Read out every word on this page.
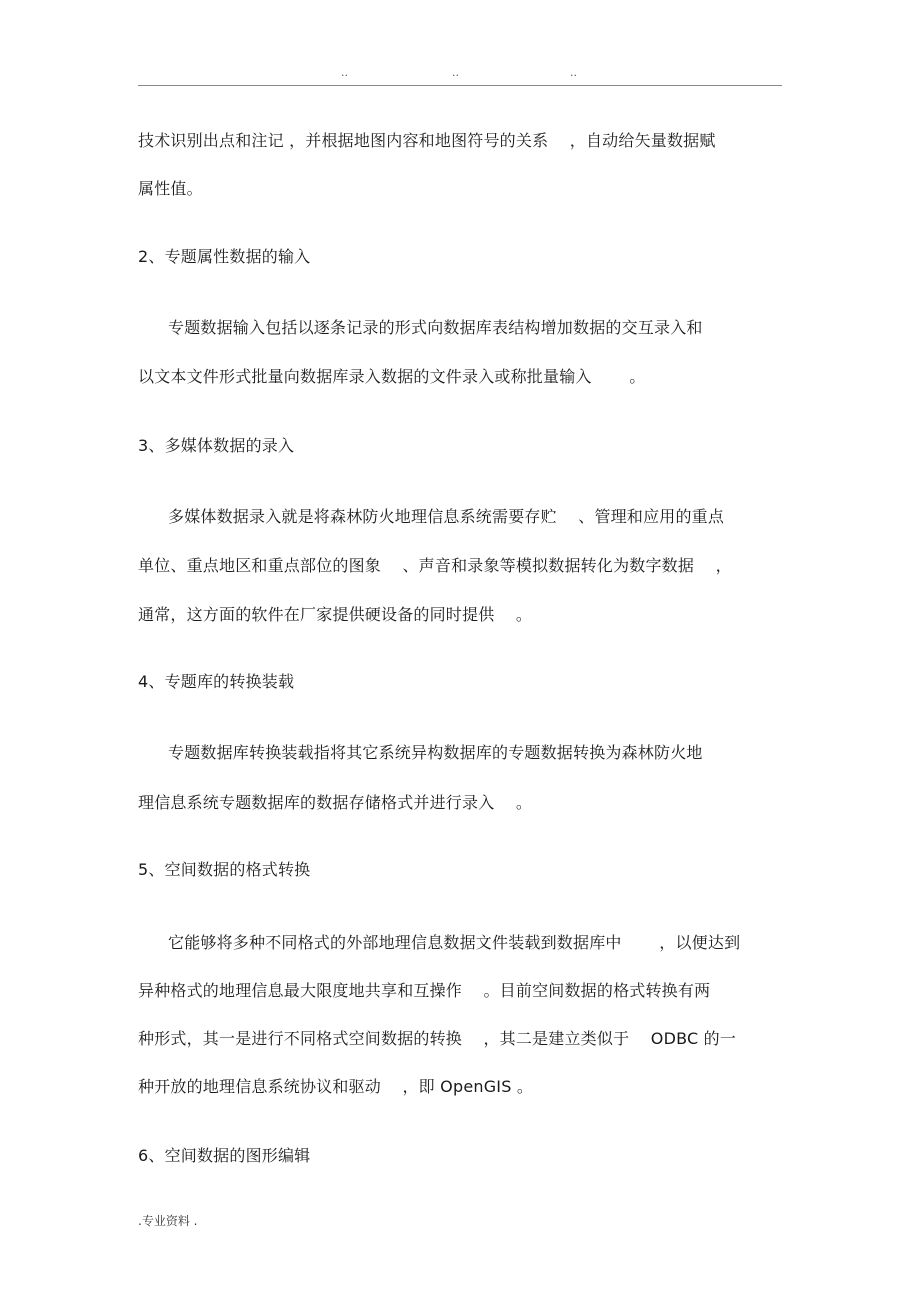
..	..	..
技术识别出点和注记 ，并根据地图内容和地图符号的关系 　，自动给矢量数据赋
属性值。
2、专题属性数据的输入
专题数据输入包括以逐条记录的形式向数据库表结构增加数据的交互录入和
以文本文件形式批量向数据库录入数据的文件录入或称批量输入 　　。
3、多媒体数据的录入
多媒体数据录入就是将森林防火地理信息系统需要存贮 　、管理和应用的重点
单位、重点地区和重点部位的图象 　、声音和录象等模拟数据转化为数字数据 　，
通常，这方面的软件在厂家提供硬设备的同时提供 　。
4、专题库的转换装载
专题数据库转换装载指将其它系统异构数据库的专题数据转换为森林防火地
理信息系统专题数据库的数据存储格式并进行录入 　。
5、空间数据的格式转换
它能够将多种不同格式的外部地理信息数据文件装载到数据库中 　　，以便达到
异种格式的地理信息最大限度地共享和互操作 　。目前空间数据的格式转换有两
种形式，其一是进行不同格式空间数据的转换 　，其二是建立类似于 　ODBC 的一
种开放的地理信息系统协议和驱动 　，即 OpenGIS 。
6、空间数据的图形编辑
.专业资料 .
